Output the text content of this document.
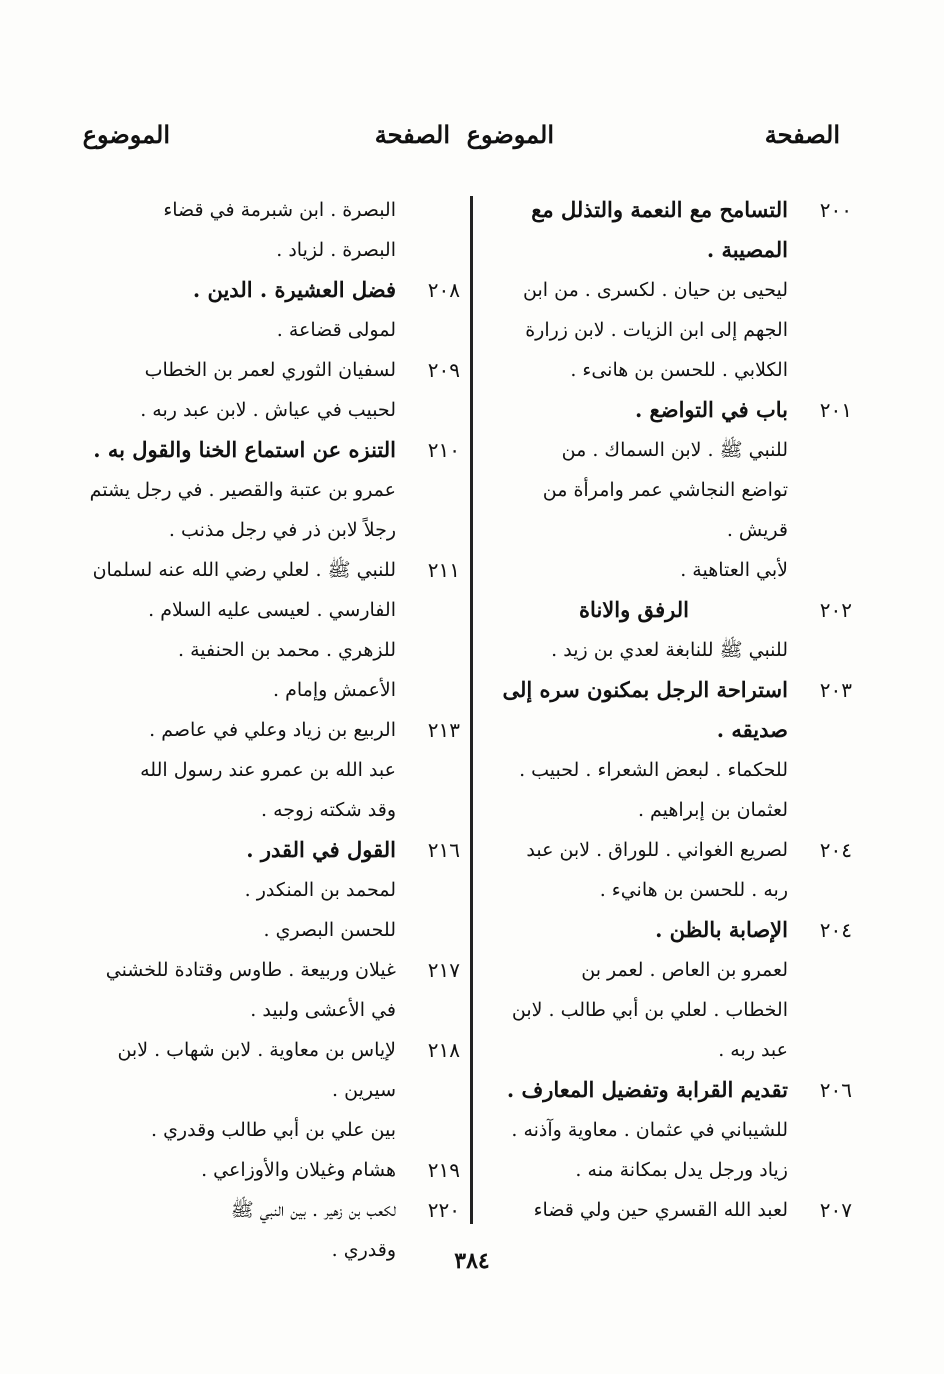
الصفحة
الموضوع
الصفحة
الموضوع
٢٠٠
التسامح مع النعمة والتذلل مع
المصيبة .
ليحيى بن حيان . لكسرى . من ابن
الجهم إلى ابن الزيات . لابن زرارة
الكلابي . للحسن بن هانىء .
٢٠١
باب في التواضع .
للنبي ﷺ . لابن السماك . من
تواضع النجاشي عمر وامرأة من
قريش .
لأبي العتاهية .
٢٠٢
الرفق والاناة
للنبي ﷺ للنابغة لعدي بن زيد .
٢٠٣
استراحة الرجل بمكنون سره إلى
صديقه .
للحكماء . لبعض الشعراء . لحبيب .
لعثمان بن إبراهيم .
٢٠٤
لصريع الغواني . للوراق . لابن عبد
ربه . للحسن بن هانيء .
٢٠٤
الإصابة بالظن .
لعمرو بن العاص . لعمر بن
الخطاب . لعلي بن أبي طالب . لابن
عبد ربه .
٢٠٦
تقديم القرابة وتفضيل المعارف .
للشيباني في عثمان . معاوية وآذنه .
زياد ورجل يدل بمكانة منه .
٢٠٧
لعبد الله القسري حين ولي قضاء
البصرة . ابن شبرمة في قضاء
البصرة . لزياد .
٢٠٨
فضل العشيرة . الدين .
لمولى قضاعة .
٢٠٩
لسفيان الثوري لعمر بن الخطاب
لحبيب في عياش . لابن عبد ربه .
٢١٠
التنزه عن استماع الخنا والقول به .
عمرو بن عتبة والقصير . في رجل يشتم
رجلاً لابن ذر في رجل مذنب .
٢١١
للنبي ﷺ . لعلي رضي الله عنه لسلمان
الفارسي . لعيسى عليه السلام .
للزهري . محمد بن الحنفية .
الأعمش وإمام .
٢١٣
الربيع بن زياد وعلي في عاصم .
عبد الله بن عمرو عند رسول الله
وقد شكته زوجه .
٢١٦
القول في القدر .
لمحمد بن المنكدر .
للحسن البصري .
٢١٧
غيلان وربيعة . طاوس وقتادة للخشني
في الأعشى ولبيد .
٢١٨
لإياس بن معاوية . لابن شهاب . لابن
سيرين .
بين علي بن أبي طالب وقدري .
٢١٩
هشام وغيلان والأوزاعي .
٢٢٠
لكعب بن زهير . بين النبي ﷺ
وقدري .	٣٨٤
